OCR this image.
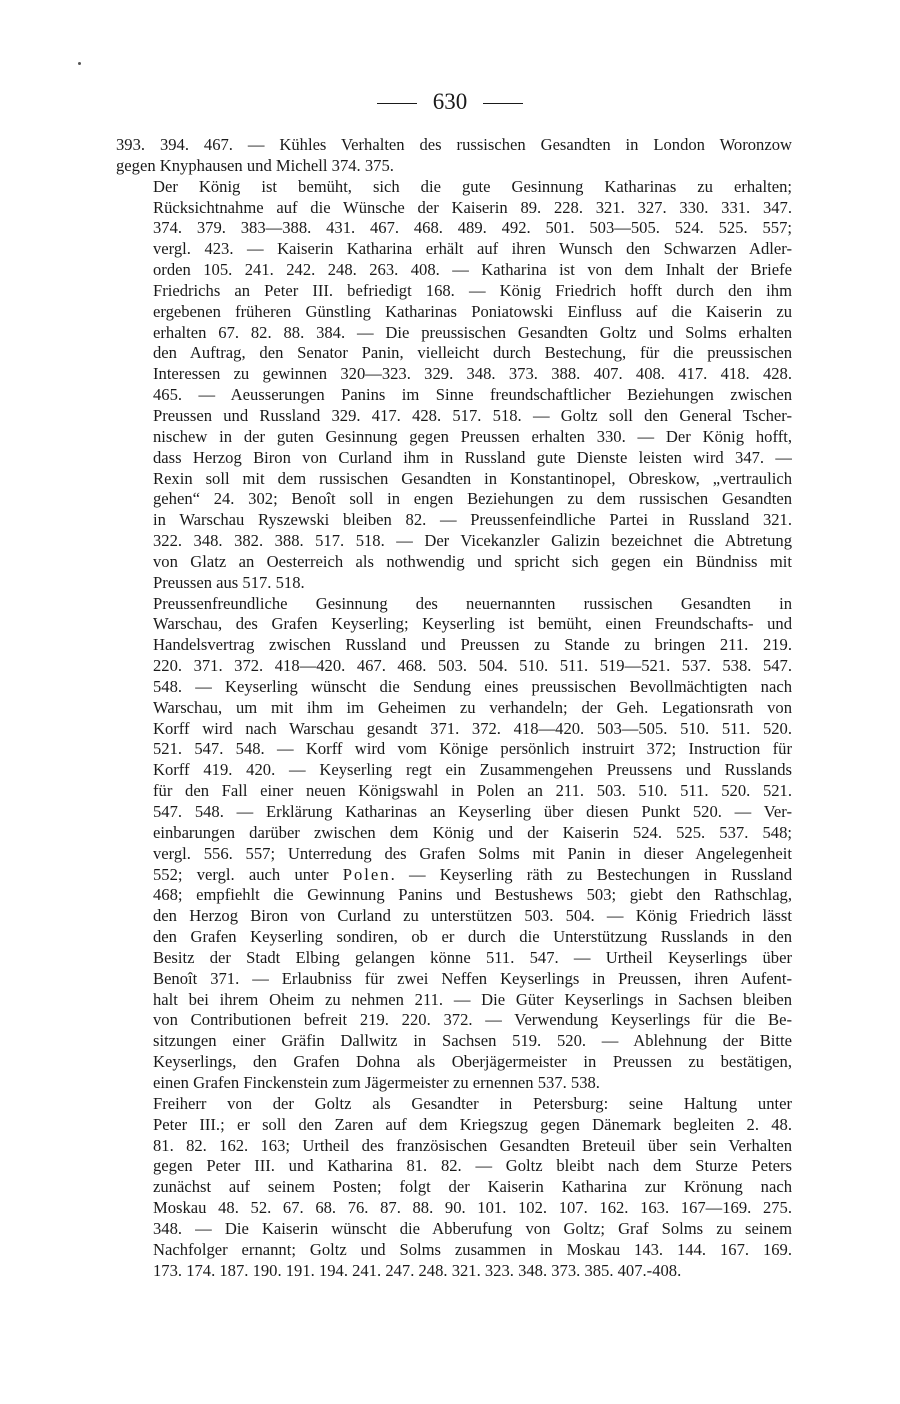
630
393. 394. 467. — Kühles Verhalten des russischen Gesandten in London Woronzow
gegen Knyphausen und Michell 374. 375.
Der König ist bemüht, sich die gute Gesinnung Katharinas zu erhalten;
Rücksichtnahme auf die Wünsche der Kaiserin 89. 228. 321. 327. 330. 331. 347.
374. 379. 383—388. 431. 467. 468. 489. 492. 501. 503—505. 524. 525. 557;
vergl. 423. — Kaiserin Katharina erhält auf ihren Wunsch den Schwarzen Adler-
orden 105. 241. 242. 248. 263. 408. — Katharina ist von dem Inhalt der Briefe
Friedrichs an Peter III. befriedigt 168. — König Friedrich hofft durch den ihm
ergebenen früheren Günstling Katharinas Poniatowski Einfluss auf die Kaiserin zu
erhalten 67. 82. 88. 384. — Die preussischen Gesandten Goltz und Solms erhalten
den Auftrag, den Senator Panin, vielleicht durch Bestechung, für die preussischen
Interessen zu gewinnen 320—323. 329. 348. 373. 388. 407. 408. 417. 418. 428.
465. — Aeusserungen Panins im Sinne freundschaftlicher Beziehungen zwischen
Preussen und Russland 329. 417. 428. 517. 518. — Goltz soll den General Tscher-
nischew in der guten Gesinnung gegen Preussen erhalten 330. — Der König hofft,
dass Herzog Biron von Curland ihm in Russland gute Dienste leisten wird 347. —
Rexin soll mit dem russischen Gesandten in Konstantinopel, Obreskow, „vertraulich
gehen“ 24. 302; Benoît soll in engen Beziehungen zu dem russischen Gesandten
in Warschau Ryszewski bleiben 82. — Preussenfeindliche Partei in Russland 321.
322. 348. 382. 388. 517. 518. — Der Vicekanzler Galizin bezeichnet die Abtretung
von Glatz an Oesterreich als nothwendig und spricht sich gegen ein Bündniss mit
Preussen aus 517. 518.
Preussenfreundliche Gesinnung des neuernannten russischen Gesandten in
Warschau, des Grafen Keyserling; Keyserling ist bemüht, einen Freundschafts- und
Handelsvertrag zwischen Russland und Preussen zu Stande zu bringen 211. 219.
220. 371. 372. 418—420. 467. 468. 503. 504. 510. 511. 519—521. 537. 538. 547.
548. — Keyserling wünscht die Sendung eines preussischen Bevollmächtigten nach
Warschau, um mit ihm im Geheimen zu verhandeln; der Geh. Legationsrath von
Korff wird nach Warschau gesandt 371. 372. 418—420. 503—505. 510. 511. 520.
521. 547. 548. — Korff wird vom Könige persönlich instruirt 372; Instruction für
Korff 419. 420. — Keyserling regt ein Zusammengehen Preussens und Russlands
für den Fall einer neuen Königswahl in Polen an 211. 503. 510. 511. 520. 521.
547. 548. — Erklärung Katharinas an Keyserling über diesen Punkt 520. — Ver-
einbarungen darüber zwischen dem König und der Kaiserin 524. 525. 537. 548;
vergl. 556. 557; Unterredung des Grafen Solms mit Panin in dieser Angelegenheit
552; vergl. auch unter Polen. — Keyserling räth zu Bestechungen in Russland
468; empfiehlt die Gewinnung Panins und Bestushews 503; giebt den Rathschlag,
den Herzog Biron von Curland zu unterstützen 503. 504. — König Friedrich lässt
den Grafen Keyserling sondiren, ob er durch die Unterstützung Russlands in den
Besitz der Stadt Elbing gelangen könne 511. 547. — Urtheil Keyserlings über
Benoît 371. — Erlaubniss für zwei Neffen Keyserlings in Preussen, ihren Aufent-
halt bei ihrem Oheim zu nehmen 211. — Die Güter Keyserlings in Sachsen bleiben
von Contributionen befreit 219. 220. 372. — Verwendung Keyserlings für die Be-
sitzungen einer Gräfin Dallwitz in Sachsen 519. 520. — Ablehnung der Bitte
Keyserlings, den Grafen Dohna als Oberjägermeister in Preussen zu bestätigen,
einen Grafen Finckenstein zum Jägermeister zu ernennen 537. 538.
Freiherr von der Goltz als Gesandter in Petersburg: seine Haltung unter
Peter III.; er soll den Zaren auf dem Kriegszug gegen Dänemark begleiten 2. 48.
81. 82. 162. 163; Urtheil des französischen Gesandten Breteuil über sein Verhalten
gegen Peter III. und Katharina 81. 82. — Goltz bleibt nach dem Sturze Peters
zunächst auf seinem Posten; folgt der Kaiserin Katharina zur Krönung nach
Moskau 48. 52. 67. 68. 76. 87. 88. 90. 101. 102. 107. 162. 163. 167—169. 275.
348. — Die Kaiserin wünscht die Abberufung von Goltz; Graf Solms zu seinem
Nachfolger ernannt; Goltz und Solms zusammen in Moskau 143. 144. 167. 169.
173. 174. 187. 190. 191. 194. 241. 247. 248. 321. 323. 348. 373. 385. 407.-408.
